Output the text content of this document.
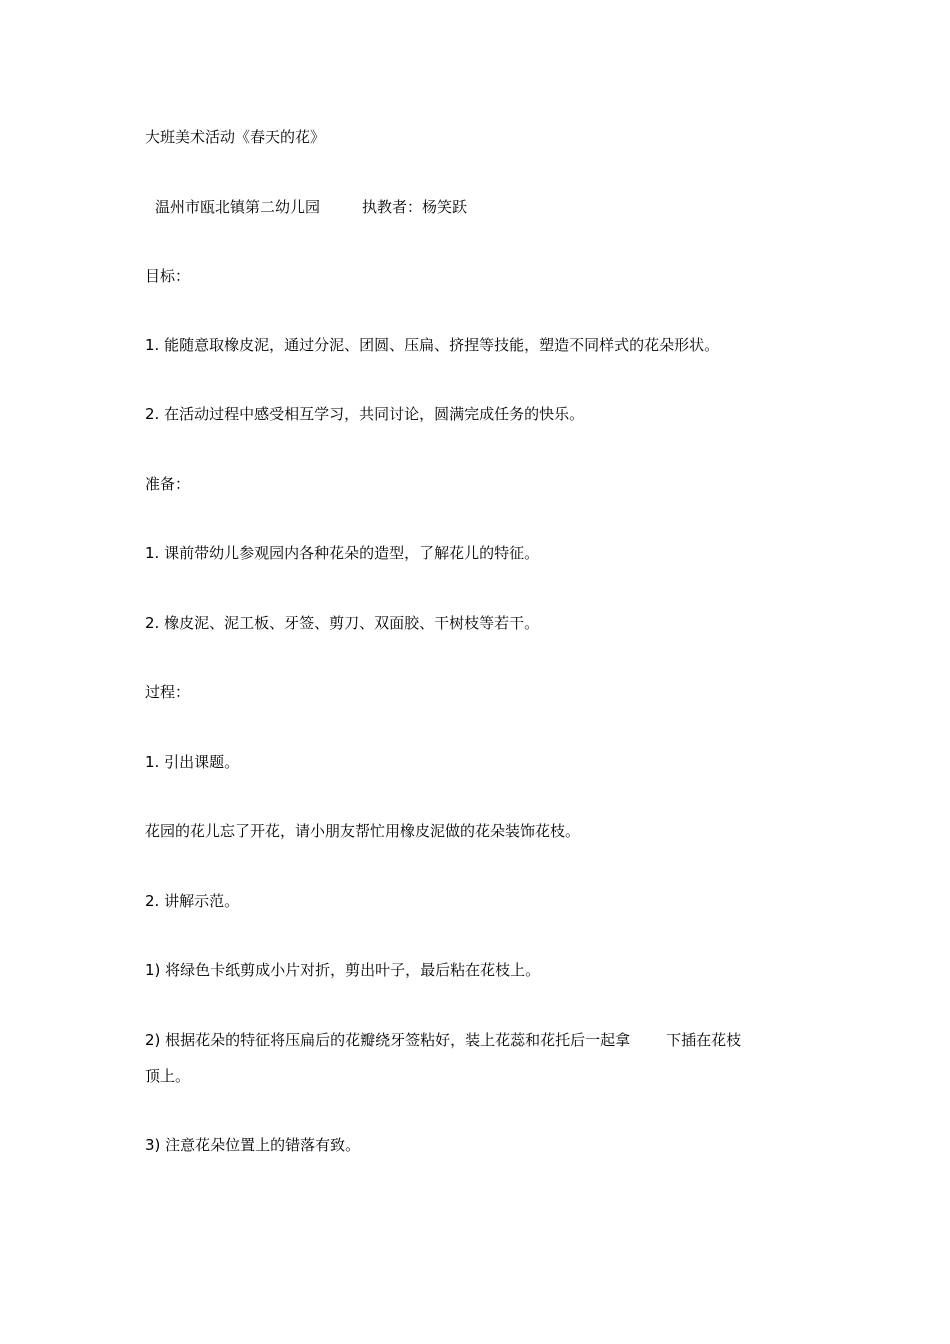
大班美术活动《春天的花》

温州市瓯北镇第二幼儿园	执教者：杨笑跃

目标：

1. 能随意取橡皮泥，通过分泥、团圆、压扁、挤捏等技能，塑造不同样式的花朵形状。

2. 在活动过程中感受相互学习，共同讨论，圆满完成任务的快乐。

准备：

1. 课前带幼儿参观园内各种花朵的造型，了解花儿的特征。

2. 橡皮泥、泥工板、牙签、剪刀、双面胶、干树枝等若干。

过程：

1. 引出课题。

花园的花儿忘了开花，请小朋友帮忙用橡皮泥做的花朵装饰花枝。

2. 讲解示范。

1) 将绿色卡纸剪成小片对折，剪出叶子，最后粘在花枝上。

2) 根据花朵的特征将压扁后的花瓣绕牙签粘好，装上花蕊和花托后一起拿 下插在花枝

顶上。

3) 注意花朵位置上的错落有致。
